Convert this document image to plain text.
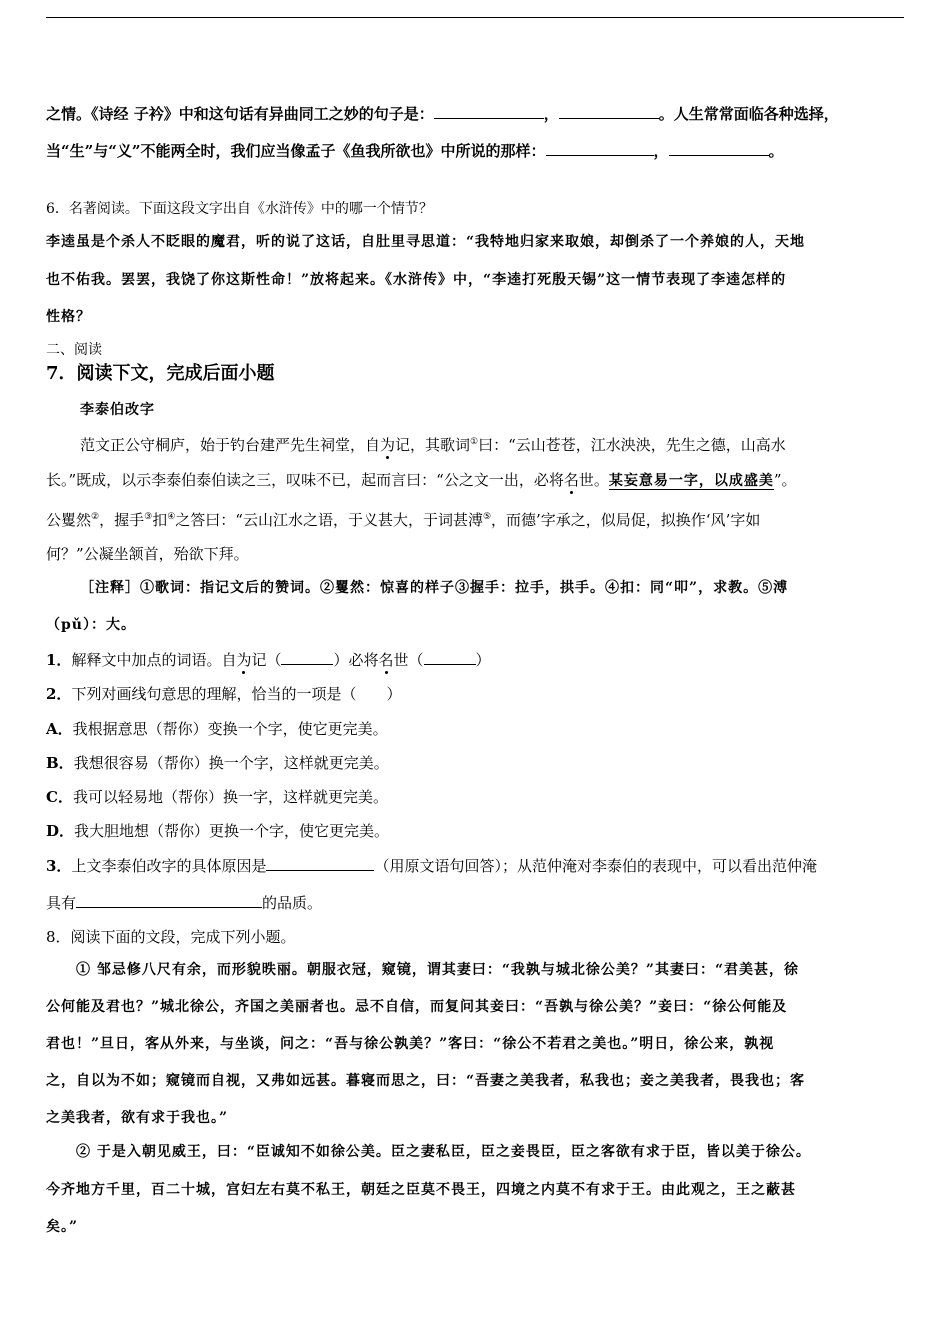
之情。《诗经 子衿》中和这句话有异曲同工之妙的句子是：	，	。人生常常面临各种选择，
当“生”与“义”不能两全时，我们应当像孟子《鱼我所欲也》中所说的那样：	，	。
6．名著阅读。下面这段文字出自《水浒传》中的哪一个情节？
李逵虽是个杀人不眨眼的魔君，听的说了这话，自肚里寻思道：“我特地归家来取娘，却倒杀了一个养娘的人，天地
也不佑我。罢罢，我饶了你这斯性命！”放将起来。《水浒传》中，“李逵打死殷天锡”这一情节表现了李逵怎样的
性格？
二、阅读
7．阅读下文，完成后面小题
李泰伯改字
范文正公守桐庐，始于钓台建严先生祠堂，自为记，其歌词①曰：“云山苍苍，江水泱泱，先生之德，山高水
长。”既成，以示李泰伯泰伯读之三，叹味不已，起而言曰：“公之文一出，必将名世。某妄意易一字，以成盛美”。
公矍然②，握手③扣④之答曰：“云山江水之语，于义甚大，于词甚溥⑤，而德’字承之，似局促，拟换作‘风’字如
何？”公凝坐颔首，殆欲下拜。
［注释］①歌词：指记文后的赞词。②矍然：惊喜的样子③握手：拉手，拱手。④扣：同“叩”，求教。⑤溥
（pǔ）：大。
1．解释文中加点的词语。自为记（	）必将名世（	）
2．下列对画线句意思的理解，恰当的一项是（　　）
A．我根据意思（帮你）变换一个字，使它更完美。
B．我想很容易（帮你）换一个字，这样就更完美。
C．我可以轻易地（帮你）换一字，这样就更完美。
D．我大胆地想（帮你）更换一个字，使它更完美。
3．上文李泰伯改字的具体原因是	（用原文语句回答）；从范仲淹对李泰伯的表现中，可以看出范仲淹
具有	的品质。
8．阅读下面的文段，完成下列小题。
① 邹忌修八尺有余，而形貌昳丽。朝服衣冠，窥镜，谓其妻曰：“我孰与城北徐公美？”其妻曰：“君美甚，徐
公何能及君也？”城北徐公，齐国之美丽者也。忌不自信，而复问其妾曰：“吾孰与徐公美？”妾曰：“徐公何能及
君也！”旦日，客从外来，与坐谈，问之：“吾与徐公孰美？”客曰：“徐公不若君之美也。”明日，徐公来，孰视
之，自以为不如；窥镜而自视，又弗如远甚。暮寝而思之，曰：“吾妻之美我者，私我也；妾之美我者，畏我也；客
之美我者，欲有求于我也。”
② 于是入朝见威王，曰：“臣诚知不如徐公美。臣之妻私臣，臣之妾畏臣，臣之客欲有求于臣，皆以美于徐公。
今齐地方千里，百二十城，宫妇左右莫不私王，朝廷之臣莫不畏王，四境之内莫不有求于王。由此观之，王之蔽甚
矣。”
